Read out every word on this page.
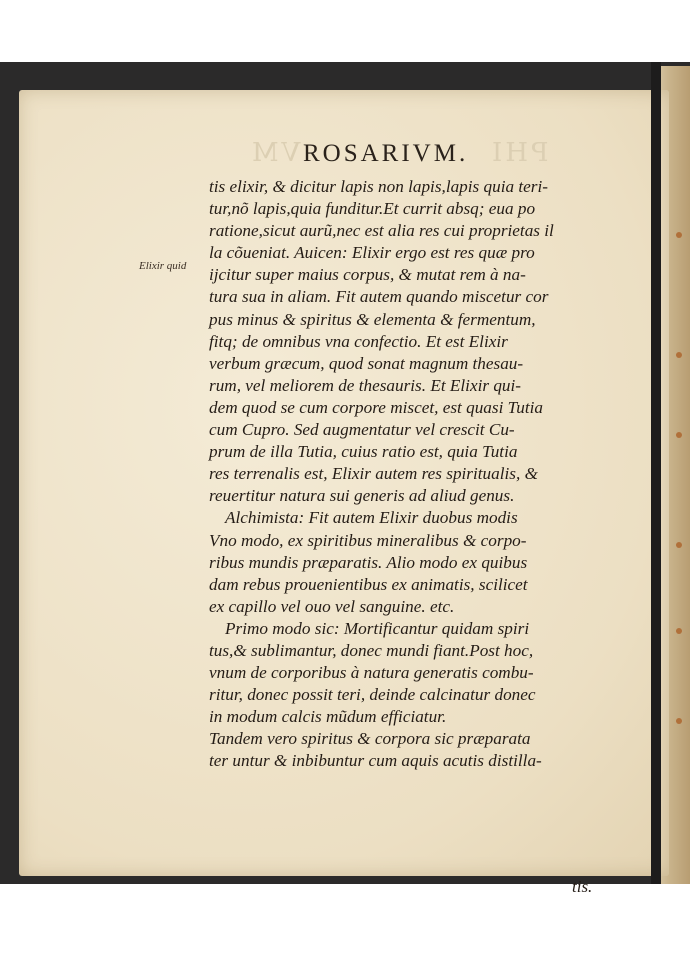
VM	PHI
ROSARIVM.
Elixir quid
tis elixir, & dicitur lapis non lapis,lapis quia teri-
tur,nõ lapis,quia funditur.Et currit absq; eua po
ratione,sicut aurũ,nec est alia res cui proprietas il
la cõueniat. Auicen: Elixir ergo est res quæ pro
ijcitur super maius corpus, & mutat rem à na-
tura sua in aliam. Fit autem quando miscetur cor
pus minus & spiritus & elementa & fermentum,
fitq; de omnibus vna confectio. Et est Elixir
verbum græcum, quod sonat magnum thesau-
rum, vel meliorem de thesauris. Et Elixir qui-
dem quod se cum corpore miscet, est quasi Tutia
cum Cupro. Sed augmentatur vel crescit Cu-
prum de illa Tutia, cuius ratio est, quia Tutia
res terrenalis est, Elixir autem res spiritualis, &
reuertitur natura sui generis ad aliud genus.
Alchimista: Fit autem Elixir duobus modis
Vno modo, ex spiritibus mineralibus & corpo-
ribus mundis præparatis. Alio modo ex quibus
dam rebus prouenientibus ex animatis, scilicet
ex capillo vel ouo vel sanguine. etc.
Primo modo sic: Mortificantur quidam spiri
tus,& sublimantur, donec mundi fiant.Post hoc,
vnum de corporibus à natura generatis combu-
ritur, donec possit teri, deinde calcinatur donec
in modum calcis mũdum efficiatur.
Tandem vero spiritus & corpora sic præparata
ter untur & inbibuntur cum aquis acutis distilla-
tis.
